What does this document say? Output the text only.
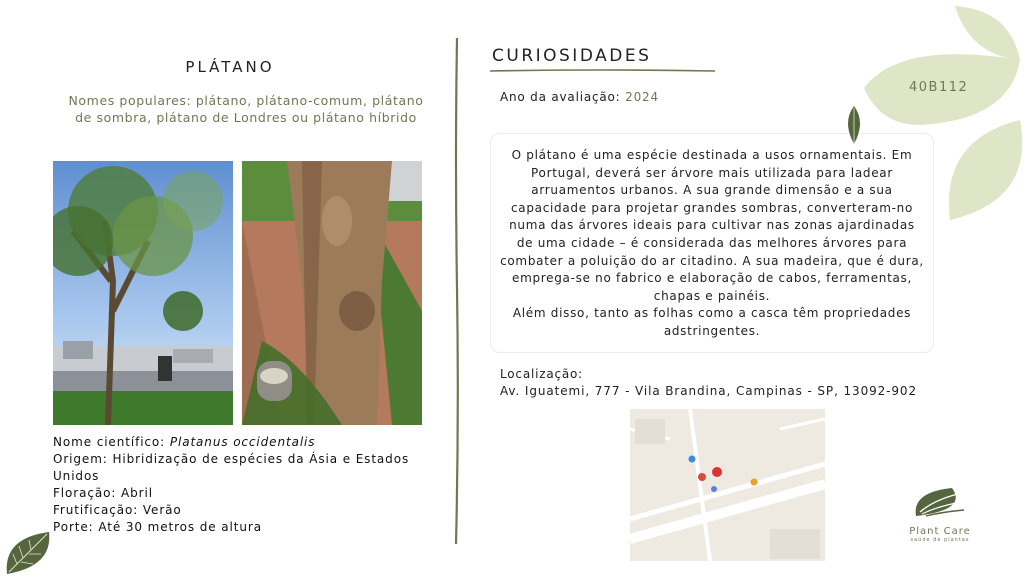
PLÁTANO
Nomes populares: plátano, plátano-comum, plátano de sombra, plátano de Londres ou plátano híbrido
Nome científico: Platanus occidentalis
Origem: Hibridização de espécies da Ásia e Estados Unidos
Floração: Abril
Frutificação: Verão
Porte: Até 30 metros de altura
CURIOSIDADES
Ano da avaliação: 2024

O plátano é uma espécie destinada a usos ornamentais. Em Portugal, deverá ser árvore mais utilizada para ladear arruamentos urbanos. A sua grande dimensão e a sua capacidade para projetar grandes sombras, converteram-no numa das árvores ideais para cultivar nas zonas ajardinadas de uma cidade – é considerada das melhores árvores para combater a poluição do ar citadino. A sua madeira, que é dura, emprega-se no fabrico e elaboração de cabos, ferramentas, chapas e painéis.

Além disso, tanto as folhas como a casca têm propriedades adstringentes.

Localização:
Av. Iguatemi, 777 - Vila Brandina, Campinas - SP, 13092-902
40B112
Plant Care
saúde de plantas
